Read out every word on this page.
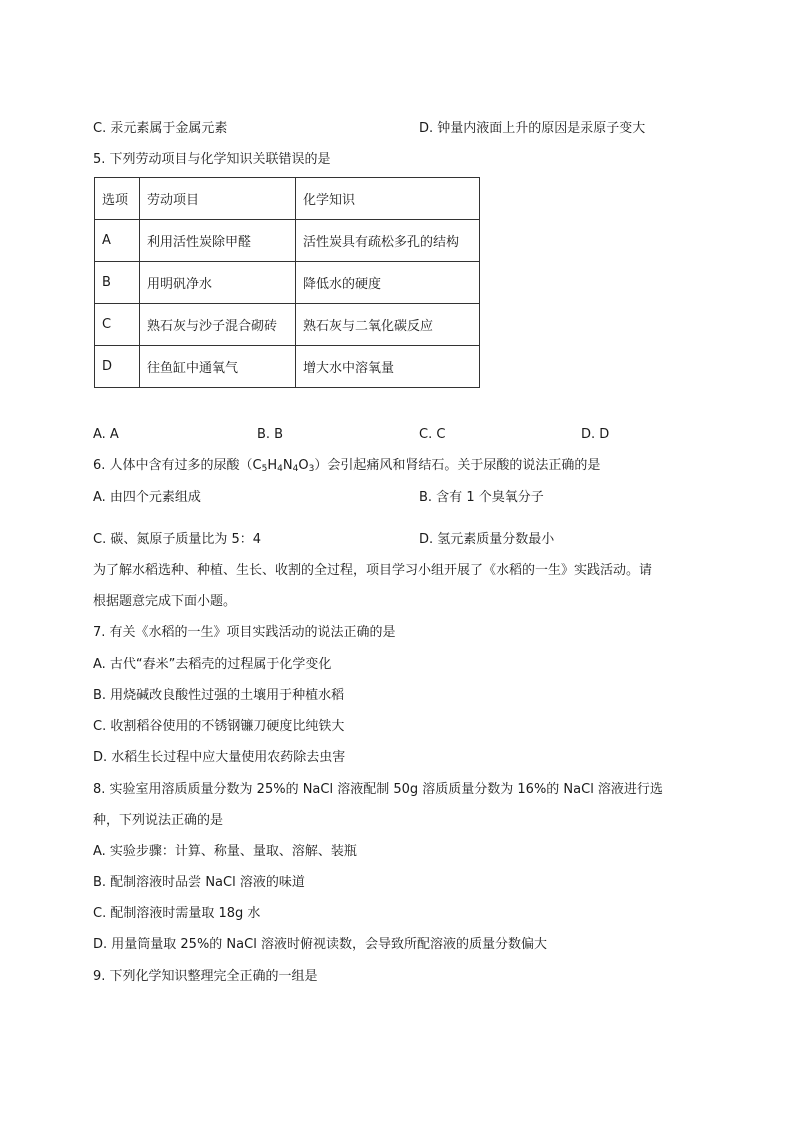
C. 汞元素属于金属元素	D. 钟量内液面上升的原因是汞原子变大
5. 下列劳动项目与化学知识关联错误的是
选项	劳动项目	化学知识
A	利用活性炭除甲醛	活性炭具有疏松多孔的结构
B	用明矾净水	降低水的硬度
C	熟石灰与沙子混合砌砖	熟石灰与二氧化碳反应
D	往鱼缸中通氧气	增大水中溶氧量
A. A	B. B	C. C	D. D
6. 人体中含有过多的尿酸$(C_5H_4N_4O_3)$会引起痛风和肾结石。关于尿酸的说法正确的是
A. 由四个元素组成	B. 含有 1 个臭氧分子
C. 碳、氮原子质量比为 5：4	D. 氢元素质量分数最小
为了解水稻选种、种植、生长、收割的全过程，项目学习小组开展了《水稻的一生》实践活动。请
根据题意完成下面小题。
7. 有关《水稻的一生》项目实践活动的说法正确的是
A. 古代“舂米”去稻壳的过程属于化学变化
B. 用烧碱改良酸性过强的土壤用于种植水稻
C. 收割稻谷使用的不锈钢镰刀硬度比纯铁大
D. 水稻生长过程中应大量使用农药除去虫害
8. 实验室用溶质质量分数为 25%的 NaCl 溶液配制 50g 溶质质量分数为 16%的 NaCl 溶液进行选
种，下列说法正确的是
A. 实验步骤：计算、称量、量取、溶解、装瓶
B. 配制溶液时品尝 NaCl 溶液的味道
C. 配制溶液时需量取 18g 水
D. 用量筒量取 25%的 NaCl 溶液时俯视读数，会导致所配溶液的质量分数偏大
9. 下列化学知识整理完全正确的一组是
